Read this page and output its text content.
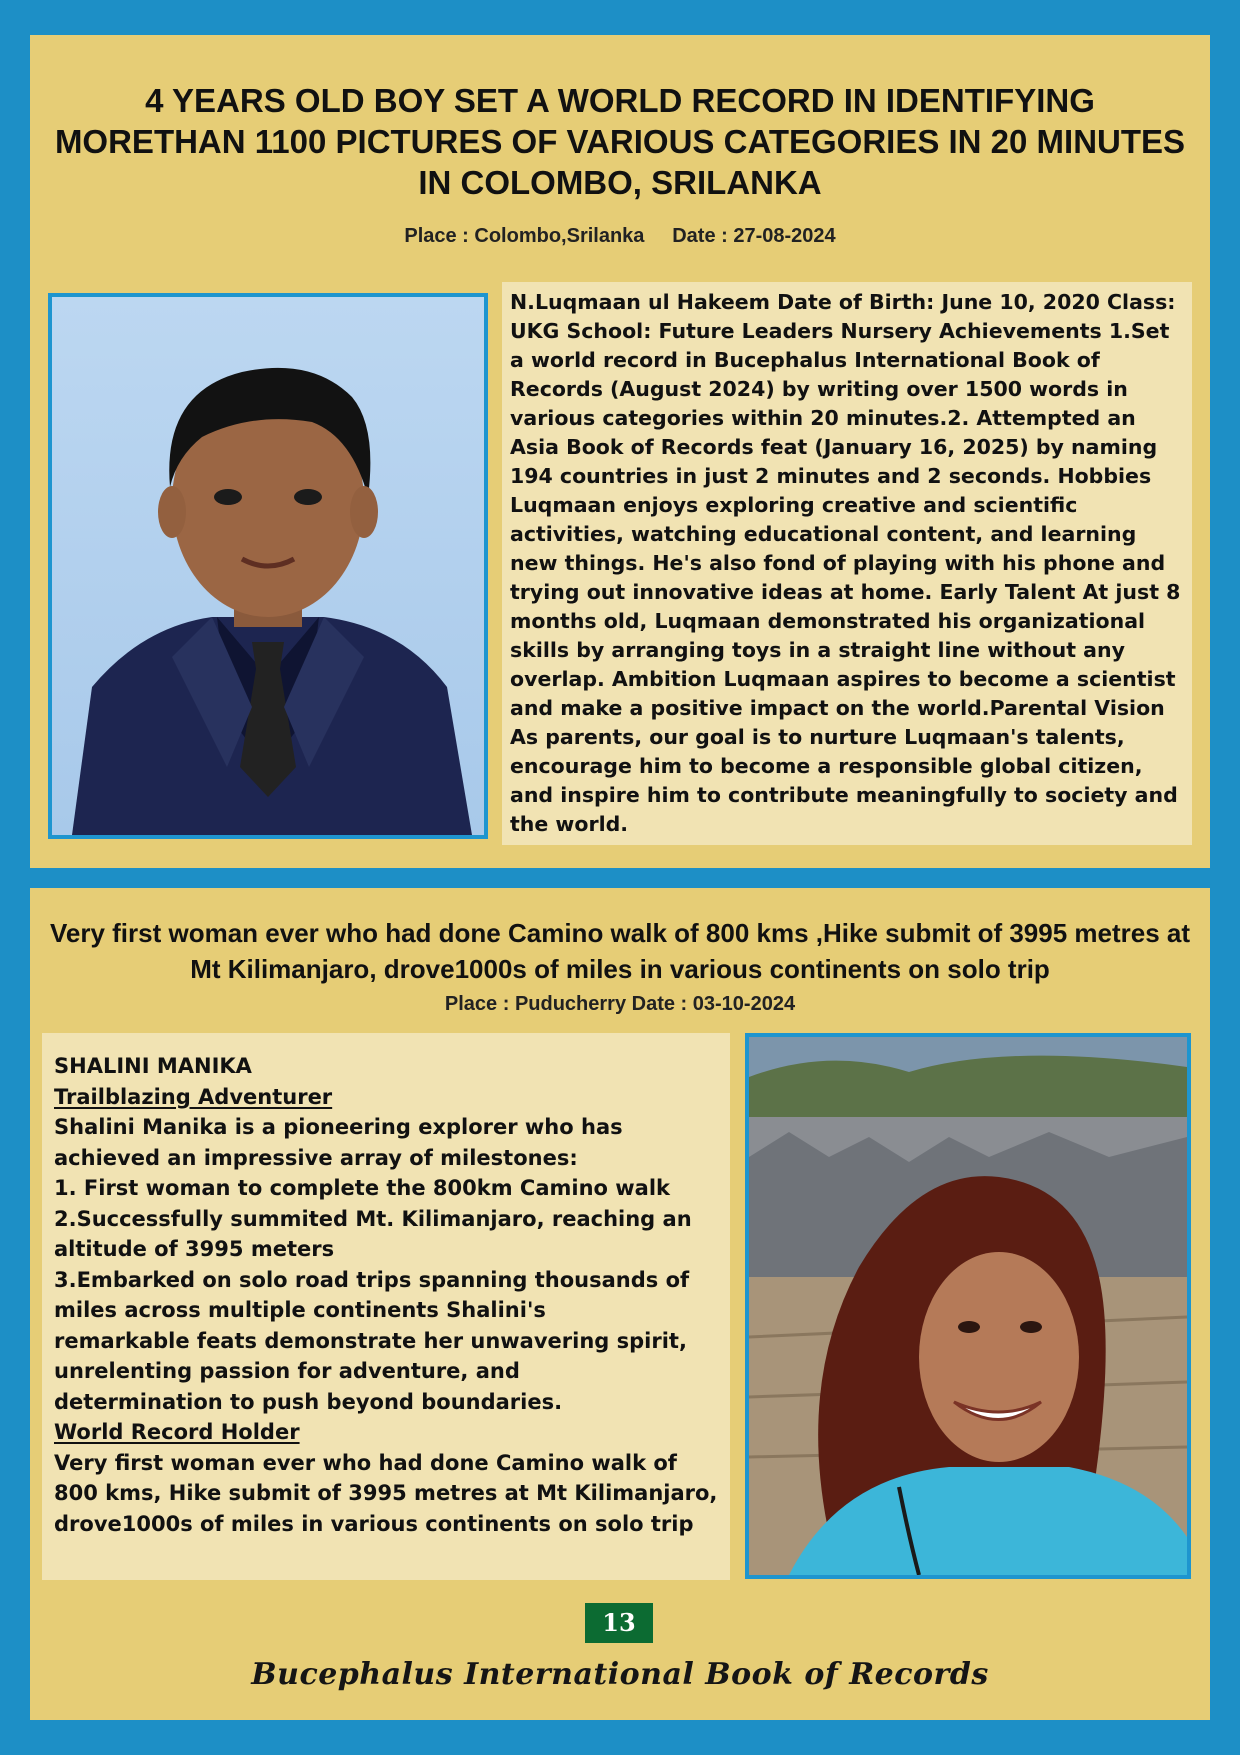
4 YEARS OLD BOY SET A WORLD RECORD IN IDENTIFYING MORETHAN 1100 PICTURES OF VARIOUS CATEGORIES IN 20 MINUTES IN COLOMBO, SRILANKA
Place : Colombo,Srilanka     Date : 27-08-2024
N.Luqmaan ul Hakeem Date of Birth: June 10, 2020 Class: UKG School: Future Leaders Nursery Achievements 1.Set a world record in Bucephalus International Book of Records (August 2024) by writing over 1500 words in various categories within 20 minutes.2. Attempted an Asia Book of Records feat (January 16, 2025) by naming 194 countries in just 2 minutes and 2 seconds. Hobbies Luqmaan enjoys exploring creative and scientific activities, watching educational content, and learning new things. He's also fond of playing with his phone and trying out innovative ideas at home. Early Talent At just 8 months old, Luqmaan demonstrated his organizational skills by arranging toys in a straight line without any overlap. Ambition Luqmaan aspires to become a scientist and make a positive impact on the world.Parental Vision As parents, our goal is to nurture Luqmaan's talents, encourage him to become a responsible global citizen, and inspire him to contribute meaningfully to society and the world.
Very first woman ever who had done Camino walk of 800 kms ,Hike submit of 3995 metres at Mt Kilimanjaro, drove1000s of miles in various continents on solo trip
Place : Puducherry Date : 03-10-2024
SHALINI MANIKA
Trailblazing Adventurer
Shalini Manika is a pioneering explorer who has
achieved an impressive array of milestones:
1. First woman to complete the 800km Camino walk
2.Successfully summited Mt. Kilimanjaro, reaching an
altitude of 3995 meters
3.Embarked on solo road trips spanning thousands of
miles across multiple continents Shalini's
remarkable feats demonstrate her unwavering spirit,
unrelenting passion for adventure, and
determination to push beyond boundaries.
World Record Holder
Very first woman ever who had done Camino walk of
800 kms, Hike submit of 3995 metres at Mt Kilimanjaro,
drove1000s of miles in various continents on solo trip
13
Bucephalus International Book of Records
